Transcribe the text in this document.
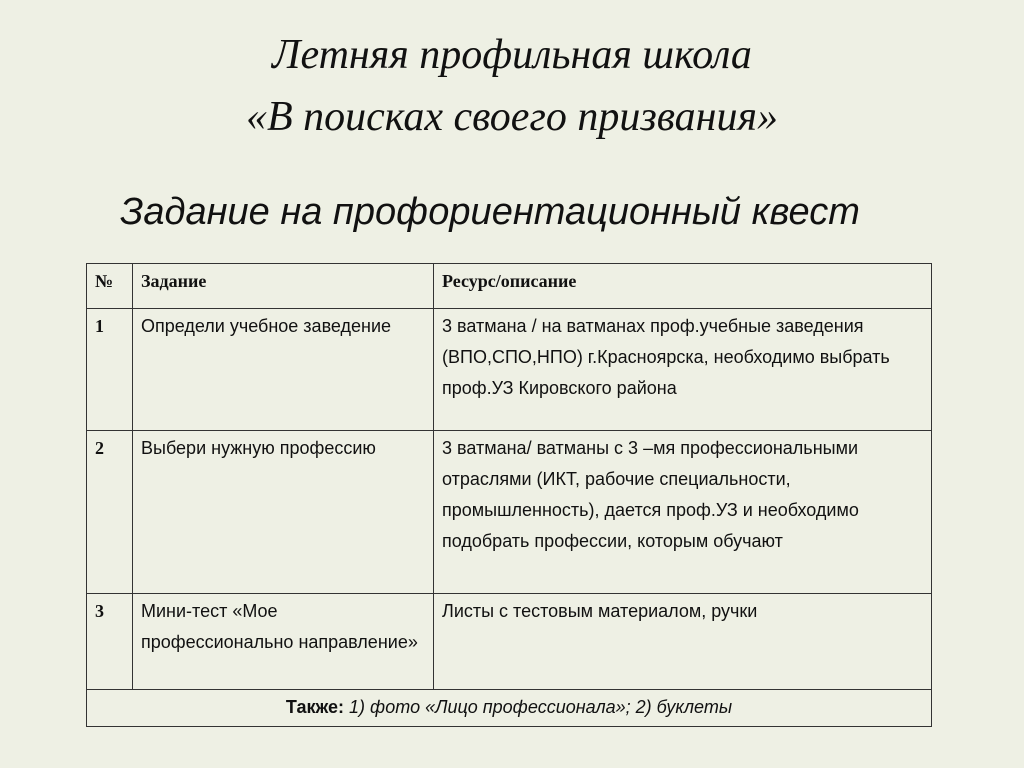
Летняя профильная школа
«В поисках своего призвания»
Задание на профориентационный квест
№	Задание	Ресурс/описание
1	Определи учебное заведение	3 ватмана / на ватманах проф.учебные заведения (ВПО,СПО,НПО) г.Красноярска, необходимо выбрать проф.УЗ Кировского района
2	Выбери нужную профессию	3 ватмана/ ватманы с 3 –мя профессиональными отраслями (ИКТ, рабочие специальности, промышленность), дается проф.УЗ и необходимо подобрать профессии, которым обучают
3	Мини-тест «Мое профессионально направление»	Листы с тестовым материалом, ручки
Также: 1) фото «Лицо профессионала»; 2) буклеты		
